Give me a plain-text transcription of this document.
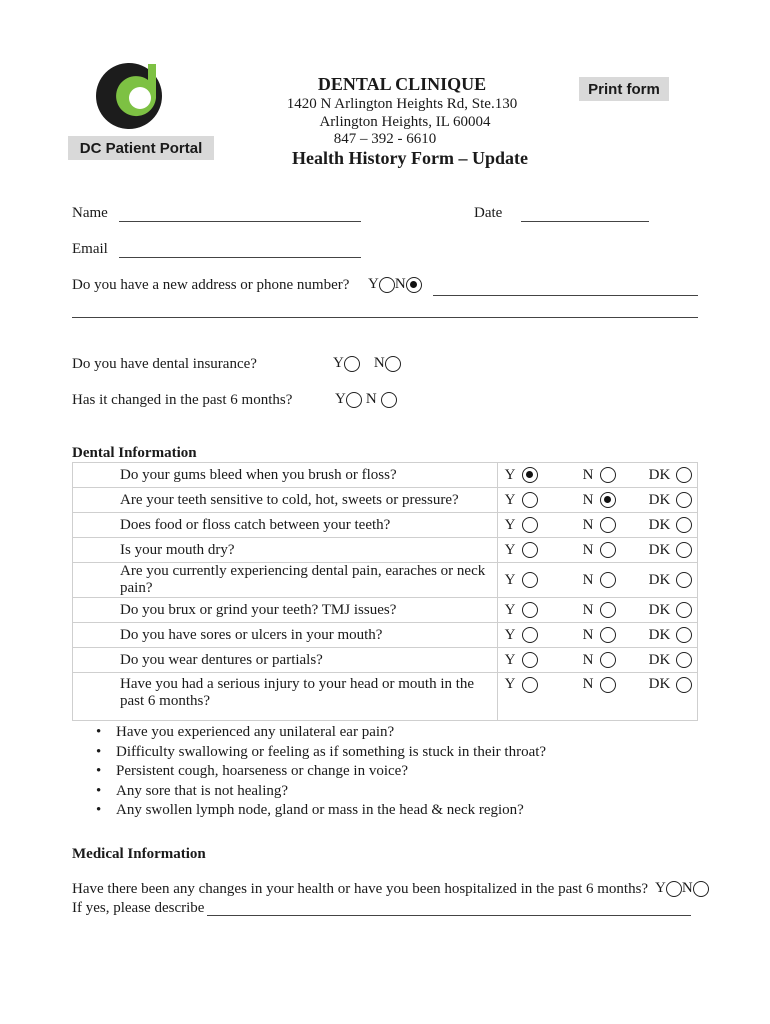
DC Patient Portal
Print form
DENTAL CLINIQUE
1420 N Arlington Heights Rd, Ste.130
Arlington Heights, IL 60004
847 – 392 - 6610
Health History Form – Update
Name	Date
Email
Do you have a new address or phone number? Y N
Do you have dental insurance?	Y N
Has it changed in the past 6 months?	Y N
Dental Information
Do your gums bleed when you brush or floss?	Y N DK

Are your teeth sensitive to cold, hot, sweets or pressure?	Y N DK

Does food or floss catch between your teeth?	Y N DK

Is your mouth dry?	Y N DK

Are you currently experiencing dental pain, earaches or neck pain?	Y N DK

Do you brux or grind your teeth? TMJ issues?	Y N DK

Do you have sores or ulcers in your mouth?	Y N DK

Do you wear dentures or partials?	Y N DK

Have you had a serious injury to your head or mouth in the past 6 months?	Y N DK
• Have you experienced any unilateral ear pain?
• Difficulty swallowing or feeling as if something is stuck in their throat?
• Persistent cough, hoarseness or change in voice?
• Any sore that is not healing?
• Any swollen lymph node, gland or mass in the head & neck region?
Medical Information
Have there been any changes in your health or have you been hospitalized in the past 6 months? Y N
If yes, please describe
